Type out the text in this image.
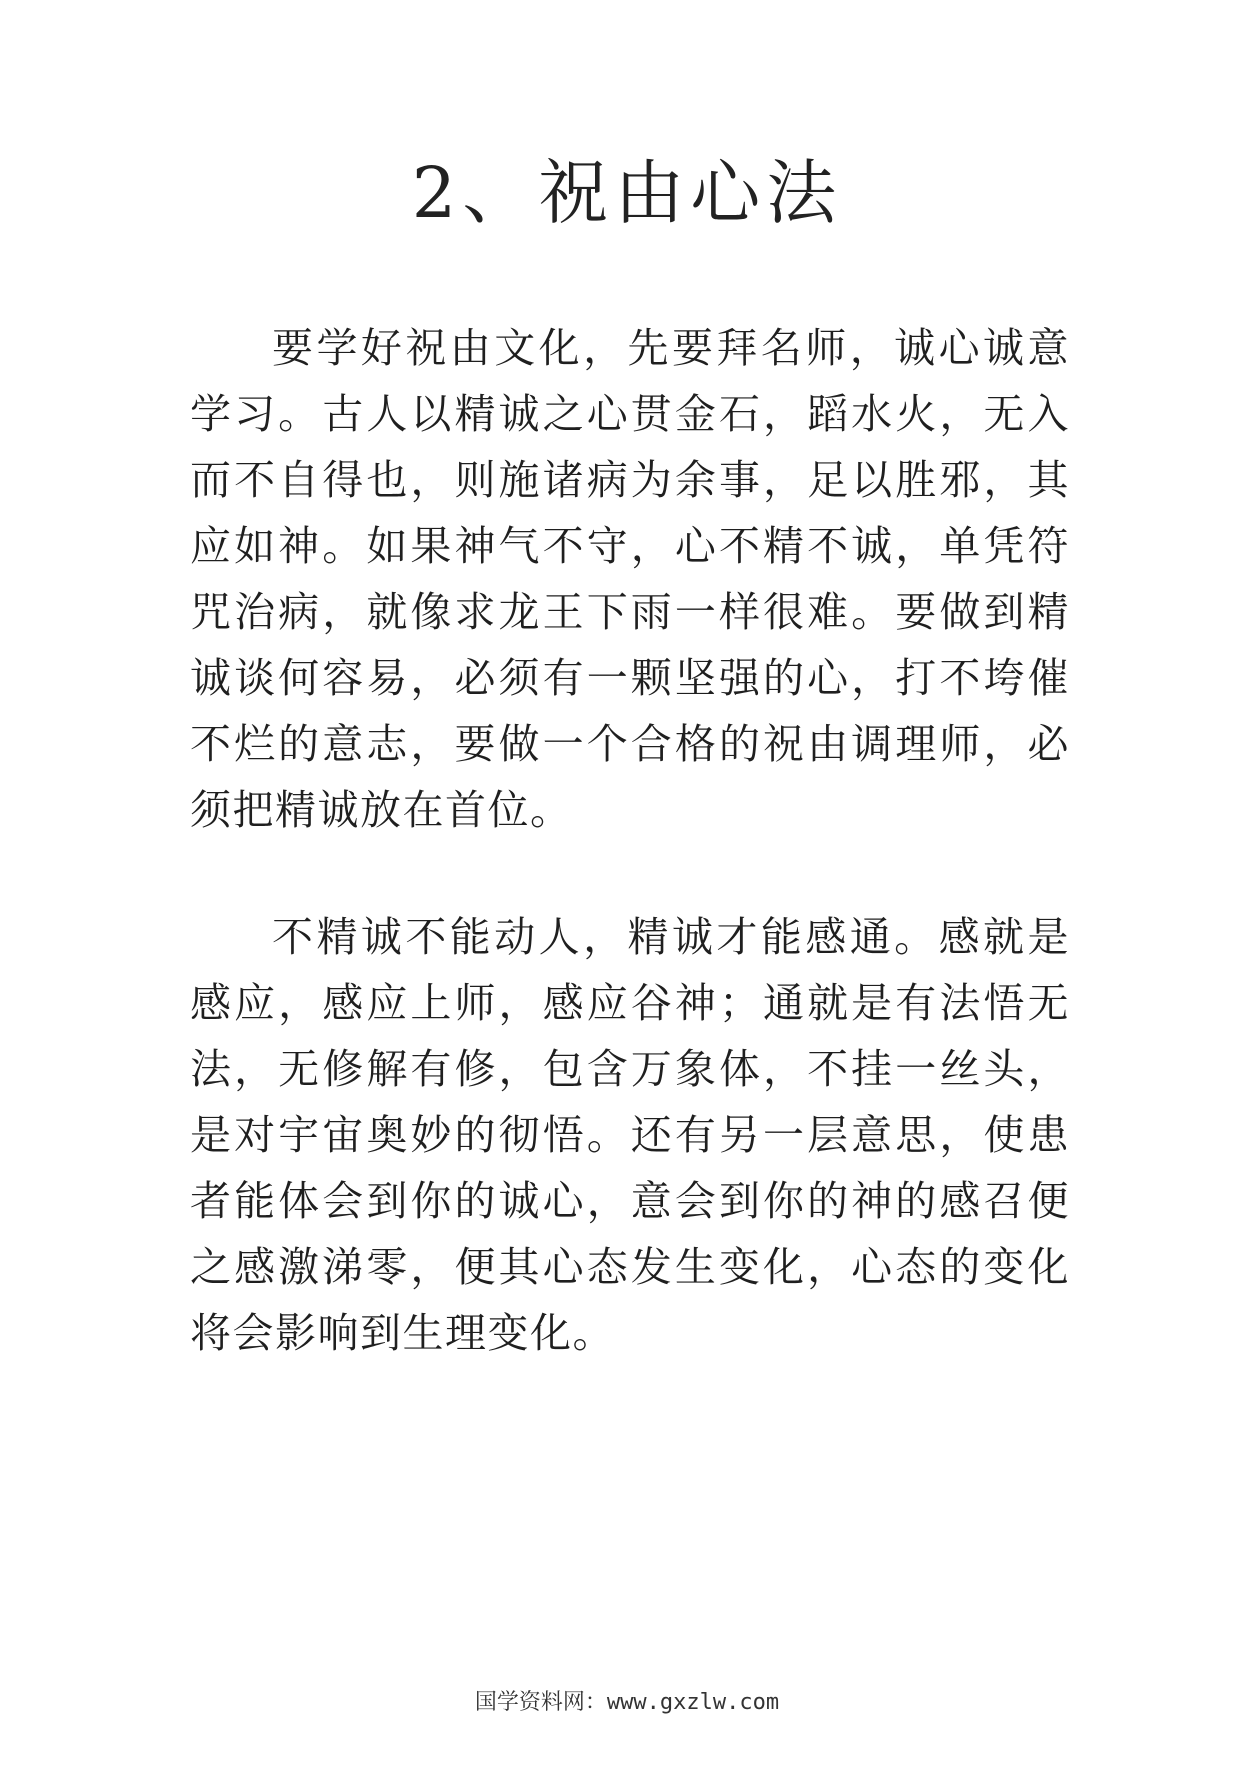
2、祝由心法

要学好祝由文化，先要拜名师，诚心诚意学习。古人以精诚之心贯金石，蹈水火，无入而不自得也，则施诸病为余事，足以胜邪，其应如神。如果神气不守，心不精不诚，单凭符咒治病，就像求龙王下雨一样很难。要做到精诚谈何容易，必须有一颗坚强的心，打不垮催不烂的意志，要做一个合格的祝由调理师，必须把精诚放在首位。

不精诚不能动人，精诚才能感通。感就是感应，感应上师，感应谷神；通就是有法悟无法，无修解有修，包含万象体，不挂一丝头，是对宇宙奥妙的彻悟。还有另一层意思，使患者能体会到你的诚心，意会到你的神的感召便之感激涕零，便其心态发生变化，心态的变化将会影响到生理变化。

国学资料网：www.gxzlw.com
